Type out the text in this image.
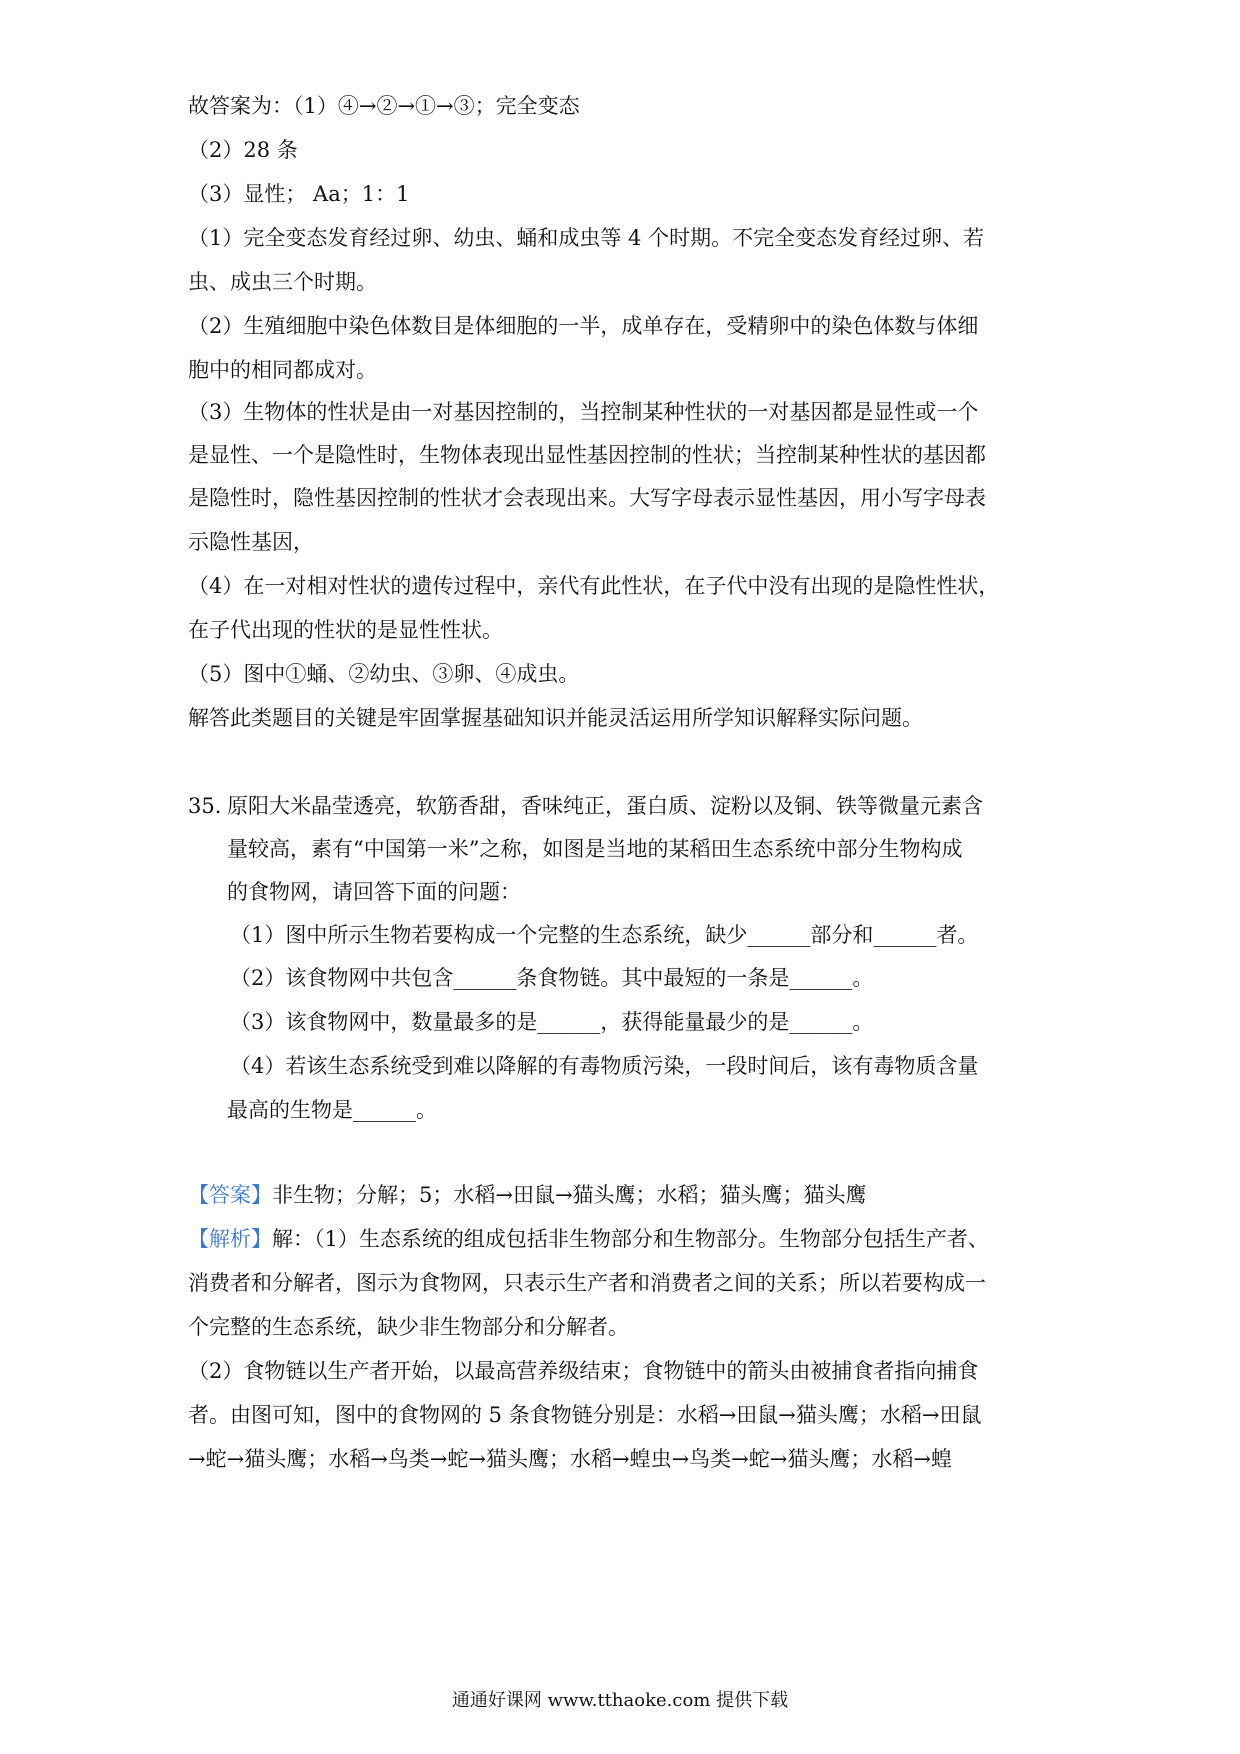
故答案为：（1）④→②→①→③；完全变态
（2）28 条
（3）显性； Aa；1：1
（1）完全变态发育经过卵、幼虫、蛹和成虫等 4 个时期。不完全变态发育经过卵、若
虫、成虫三个时期。
（2）生殖细胞中染色体数目是体细胞的一半，成单存在，受精卵中的染色体数与体细
胞中的相同都成对。
（3）生物体的性状是由一对基因控制的，当控制某种性状的一对基因都是显性或一个
是显性、一个是隐性时，生物体表现出显性基因控制的性状；当控制某种性状的基因都
是隐性时，隐性基因控制的性状才会表现出来。大写字母表示显性基因，用小写字母表
示隐性基因，
（4）在一对相对性状的遗传过程中，亲代有此性状，在子代中没有出现的是隐性性状，
在子代出现的性状的是显性性状。
（5）图中①蛹、②幼虫、③卵、④成虫。
解答此类题目的关键是牢固掌握基础知识并能灵活运用所学知识解释实际问题。
35. 原阳大米晶莹透亮，软筋香甜，香味纯正，蛋白质、淀粉以及铜、铁等微量元素含
量较高，素有“中国第一米”之称，如图是当地的某稻田生态系统中部分生物构成
的食物网，请回答下面的问题：
（1）图中所示生物若要构成一个完整的生态系统，缺少______部分和______者。
（2）该食物网中共包含______条食物链。其中最短的一条是______。
（3）该食物网中，数量最多的是______，获得能量最少的是______。
（4）若该生态系统受到难以降解的有毒物质污染，一段时间后，该有毒物质含量
最高的生物是______。
【答案】非生物；分解；5；水稻→田鼠→猫头鹰；水稻；猫头鹰；猫头鹰
【解析】解：（1）生态系统的组成包括非生物部分和生物部分。生物部分包括生产者、
消费者和分解者，图示为食物网，只表示生产者和消费者之间的关系；所以若要构成一
个完整的生态系统，缺少非生物部分和分解者。
（2）食物链以生产者开始，以最高营养级结束；食物链中的箭头由被捕食者指向捕食
者。由图可知，图中的食物网的 5 条食物链分别是：水稻→田鼠→猫头鹰；水稻→田鼠
→蛇→猫头鹰；水稻→鸟类→蛇→猫头鹰；水稻→蝗虫→鸟类→蛇→猫头鹰；水稻→蝗
通通好课网 www.tthaoke.com 提供下载
